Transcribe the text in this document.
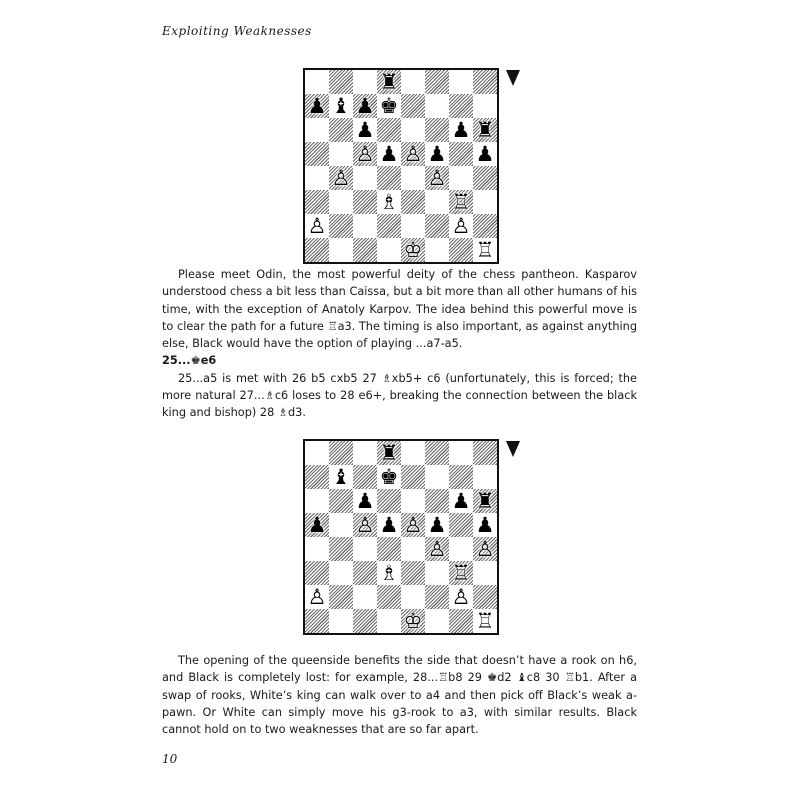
Exploiting Weaknesses
♜
♟ ♝ ♟ ♚
♟	♟ ♜
♙ ♟ ♙ ♟ ♟
♙	♙
♗	♖
♙	♙
♔	♖

Please meet Odin, the most powerful deity of the chess pantheon. Kasparov understood chess a bit less than Caissa, but a bit more than all other humans of his time, with the exception of Anatoly Karpov. The idea behind this powerful move is to clear the path for a future ♖a3. The timing is also important, as against anything else, Black would have the option of playing ...a7-a5.

25...♚e6

25...a5 is met with 26 b5 cxb5 27 ♗xb5+ c6 (unfortunately, this is forced; the more natural 27...♗c6 loses to 28 e6+, breaking the connection between the black king and bishop) 28 ♗d3.

♜
♝ ♚
♟	♟ ♜
♟ ♙ ♟ ♙ ♟ ♟
♙ ♙
♗	♖
♙	♙
♔	♖

The opening of the queenside benefits the side that doesn’t have a rook on h6, and Black is completely lost: for example, 28...♖b8 29 ♚d2 ♝c8 30 ♖b1. After a swap of rooks, White’s king can walk over to a4 and then pick off Black’s weak a-pawn. Or White can simply move his g3-rook to a3, with similar results. Black cannot hold on to two weaknesses that are so far apart.

10
